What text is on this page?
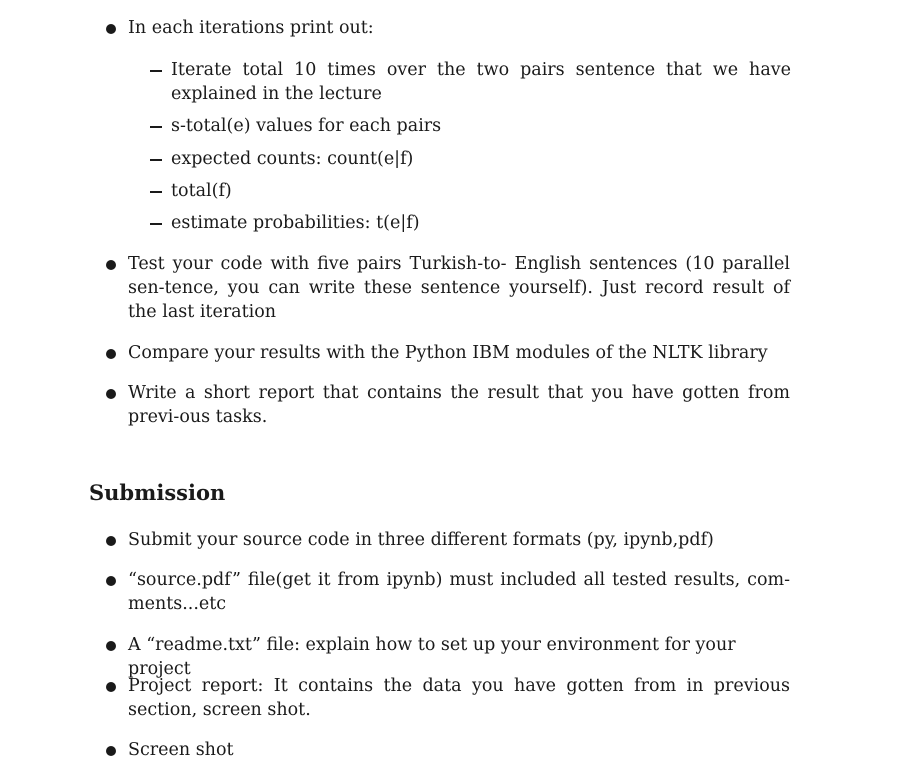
In each iterations print out:
Iterate total 10 times over the two pairs sentence that we have explained in the lecture
s-total(e) values for each pairs
expected counts: count(e|f)
total(f)
estimate probabilities: t(e|f)
Test your code with five pairs Turkish-to- English sentences (10 parallel sen-tence, you can write these sentence yourself). Just record result of the last iteration
Compare your results with the Python IBM modules of the NLTK library
Write a short report that contains the result that you have gotten from previ-ous tasks.
Submission
Submit your source code in three different formats (py, ipynb,pdf)
“source.pdf” file(get it from ipynb) must included all tested results, com-ments...etc
A “readme.txt” file: explain how to set up your environment for your project
Project report: It contains the data you have gotten from in previous section, screen shot.
Screen shot
